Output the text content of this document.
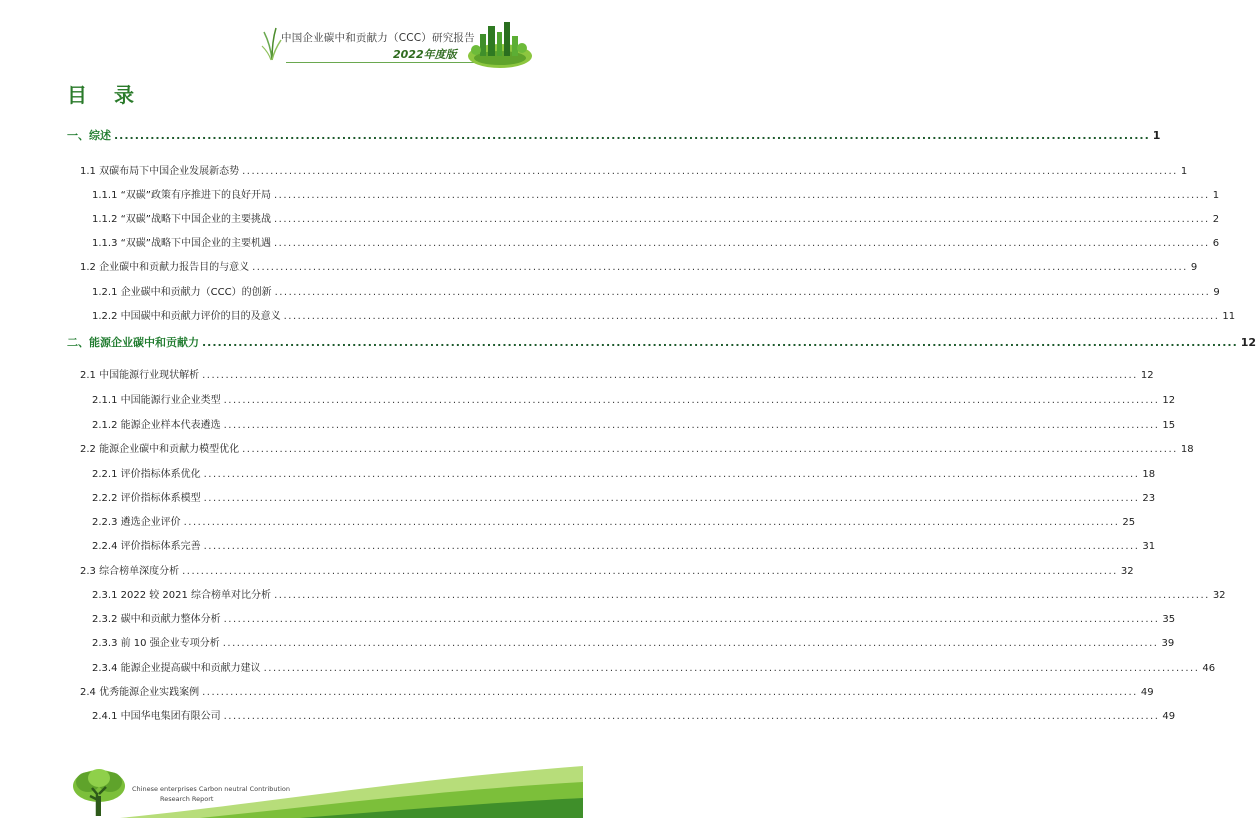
中国企业碳中和贡献力（CCC）研究报告
2022年度版
目 录
一、综述 ........................................................................................................................................................................................................ 1
1.1 双碳布局下中国企业发展新态势 ........................................................................................................................................................................................................ 1
1.1.1 “双碳”政策有序推进下的良好开局 ........................................................................................................................................................................................................ 1
1.1.2 “双碳”战略下中国企业的主要挑战 ........................................................................................................................................................................................................ 2
1.1.3 “双碳”战略下中国企业的主要机遇 ........................................................................................................................................................................................................ 6
1.2 企业碳中和贡献力报告目的与意义 ........................................................................................................................................................................................................ 9
1.2.1 企业碳中和贡献力（CCC）的创新 ........................................................................................................................................................................................................ 9
1.2.2 中国碳中和贡献力评价的目的及意义 ........................................................................................................................................................................................................ 11
二、能源企业碳中和贡献力 ........................................................................................................................................................................................................ 12
2.1 中国能源行业现状解析 ........................................................................................................................................................................................................ 12
2.1.1 中国能源行业企业类型 ........................................................................................................................................................................................................ 12
2.1.2 能源企业样本代表遴选 ........................................................................................................................................................................................................ 15
2.2 能源企业碳中和贡献力模型优化 ........................................................................................................................................................................................................ 18
2.2.1 评价指标体系优化 ........................................................................................................................................................................................................ 18
2.2.2 评价指标体系模型 ........................................................................................................................................................................................................ 23
2.2.3 遴选企业评价 ........................................................................................................................................................................................................ 25
2.2.4 评价指标体系完善 ........................................................................................................................................................................................................ 31
2.3 综合榜单深度分析 ........................................................................................................................................................................................................ 32
2.3.1 2022 较 2021 综合榜单对比分析 ........................................................................................................................................................................................................ 32
2.3.2 碳中和贡献力整体分析 ........................................................................................................................................................................................................ 35
2.3.3 前 10 强企业专项分析 ........................................................................................................................................................................................................ 39
2.3.4 能源企业提高碳中和贡献力建议 ........................................................................................................................................................................................................ 46
2.4 优秀能源企业实践案例 ........................................................................................................................................................................................................ 49
2.4.1 中国华电集团有限公司 ........................................................................................................................................................................................................ 49
Chinese enterprises Carbon neutral Contribution
Research Report
